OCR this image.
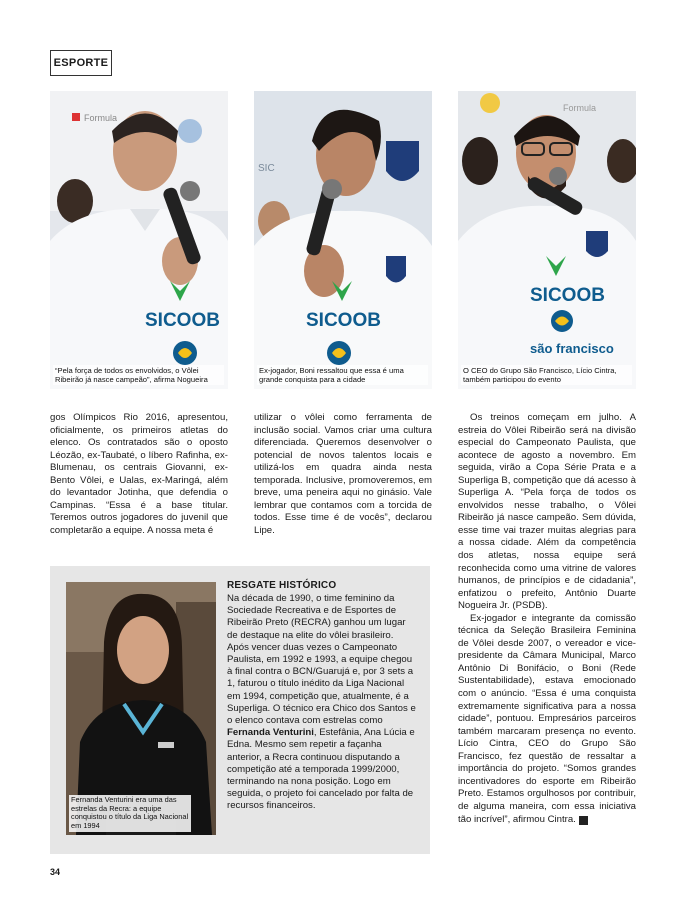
ESPORTE
Formula
SICOOB
“Pela força de todos os envolvidos, o Vôlei Ribeirão já nasce campeão”, afirma Nogueira
SIC
SICOOB
Ex-jogador, Boni ressaltou que essa é uma grande conquista para a cidade
Formula
SICOOB
são francisco
O CEO do Grupo São Francisco, Lício Cintra, também participou do evento

gos Olímpicos Rio 2016, apresentou, oficialmente, os primeiros atletas do elenco. Os contratados são o oposto Léozão, ex-Taubaté, o líbero Rafinha, ex-Blumenau, os centrais Giovanni, ex-Bento Vôlei, e Ualas, ex-Maringá, além do levantador Jotinha, que defendia o Campinas. “Essa é a base titular. Teremos outros jogadores do juvenil que completarão a equipe. A nossa meta é

utilizar o vôlei como ferramenta de inclusão social. Vamos criar uma cultura diferenciada. Queremos desenvolver o potencial de novos talentos locais e utilizá-los em quadra ainda nesta temporada. Inclusive, promoveremos, em breve, uma peneira aqui no ginásio. Vale lembrar que contamos com a torcida de todos. Esse time é de vocês”, declarou Lipe.

Os treinos começam em julho. A estreia do Vôlei Ribeirão será na divisão especial do Campeonato Paulista, que acontece de agosto a novembro. Em seguida, virão a Copa Série Prata e a Superliga B, competição que dá acesso à Superliga A. “Pela força de todos os envolvidos nesse trabalho, o Vôlei Ribeirão já nasce campeão. Sem dúvida, esse time vai trazer muitas alegrias para a nossa cidade. Além da competência dos atletas, nossa equipe será reconhecida como uma vitrine de valores humanos, de princípios e de cidadania”, enfatizou o prefeito, Antônio Duarte Nogueira Jr. (PSDB).

Ex-jogador e integrante da comissão técnica da Seleção Brasileira Feminina de Vôlei desde 2007, o vereador e vice-presidente da Câmara Municipal, Marco Antônio Di Bonifácio, o Boni (Rede Sustentabilidade), estava emocionado com o anúncio. “Essa é uma conquista extremamente significativa para a nossa cidade”, pontuou. Empresários parceiros também marcaram presença no evento. Lício Cintra, CEO do Grupo São Francisco, fez questão de ressaltar a importância do projeto. “Somos grandes incentivadores do esporte em Ribeirão Preto. Estamos orgulhosos por contribuir, de alguma maneira, com essa iniciativa tão incrível”, afirmou Cintra. R

Fernanda Venturini era uma das estrelas da Recra: a equipe conquistou o título da Liga Nacional em 1994
RESGATE HISTÓRICO
Na década de 1990, o time feminino da Sociedade Recreativa e de Esportes de Ribeirão Preto (RECRA) ganhou um lugar de destaque na elite do vôlei brasileiro. Após vencer duas vezes o Campeonato Paulista, em 1992 e 1993, a equipe chegou à final contra o BCN/Guarujá e, por 3 sets a 1, faturou o título inédito da Liga Nacional em 1994, competição que, atualmente, é a Superliga. O técnico era Chico dos Santos e o elenco contava com estrelas como Fernanda Venturini, Estefânia, Ana Lúcia e Edna. Mesmo sem repetir a façanha anterior, a Recra continuou disputando a competição até a temporada 1999/2000, terminando na nona posição. Logo em seguida, o projeto foi cancelado por falta de recursos financeiros.
34
